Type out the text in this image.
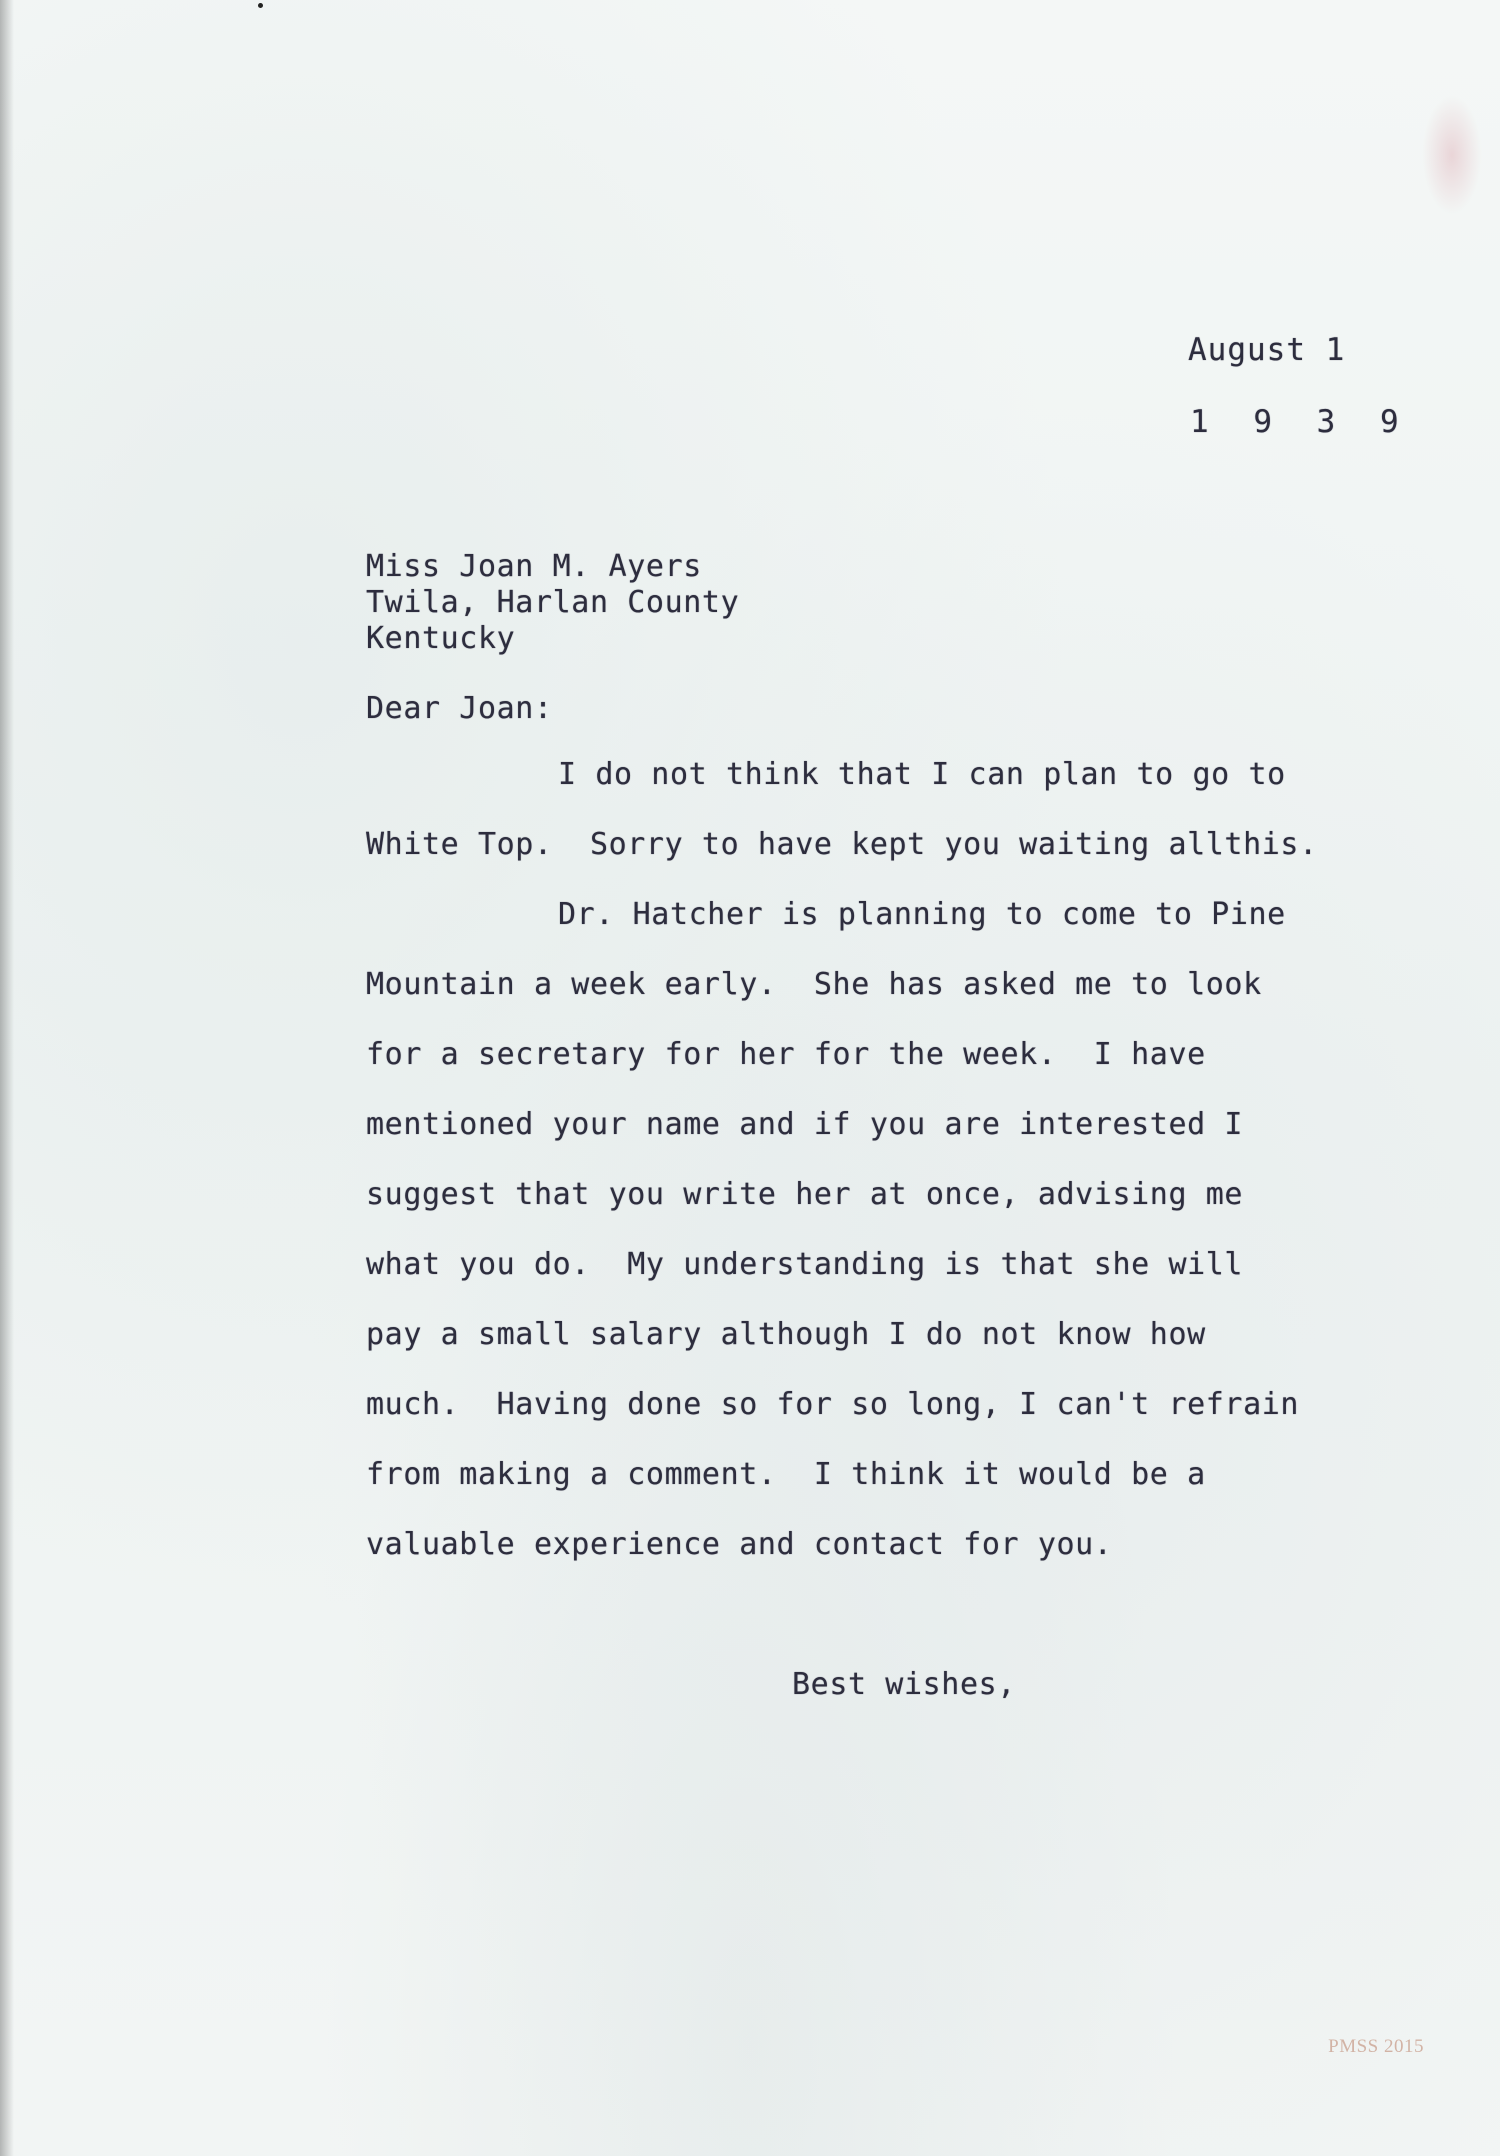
August 1
1 9 3 9
Miss Joan M. Ayers
Twila, Harlan County
Kentucky
Dear Joan:
I do not think that I can plan to go to
White Top.  Sorry to have kept you waiting allthis.
Dr. Hatcher is planning to come to Pine
Mountain a week early.  She has asked me to look
for a secretary for her for the week.  I have
mentioned your name and if you are interested I
suggest that you write her at once, advising me
what you do.  My understanding is that she will
pay a small salary although I do not know how
much.  Having done so for so long, I can't refrain
from making a comment.  I think it would be a
valuable experience and contact for you.
Best wishes,
PMSS 2015
